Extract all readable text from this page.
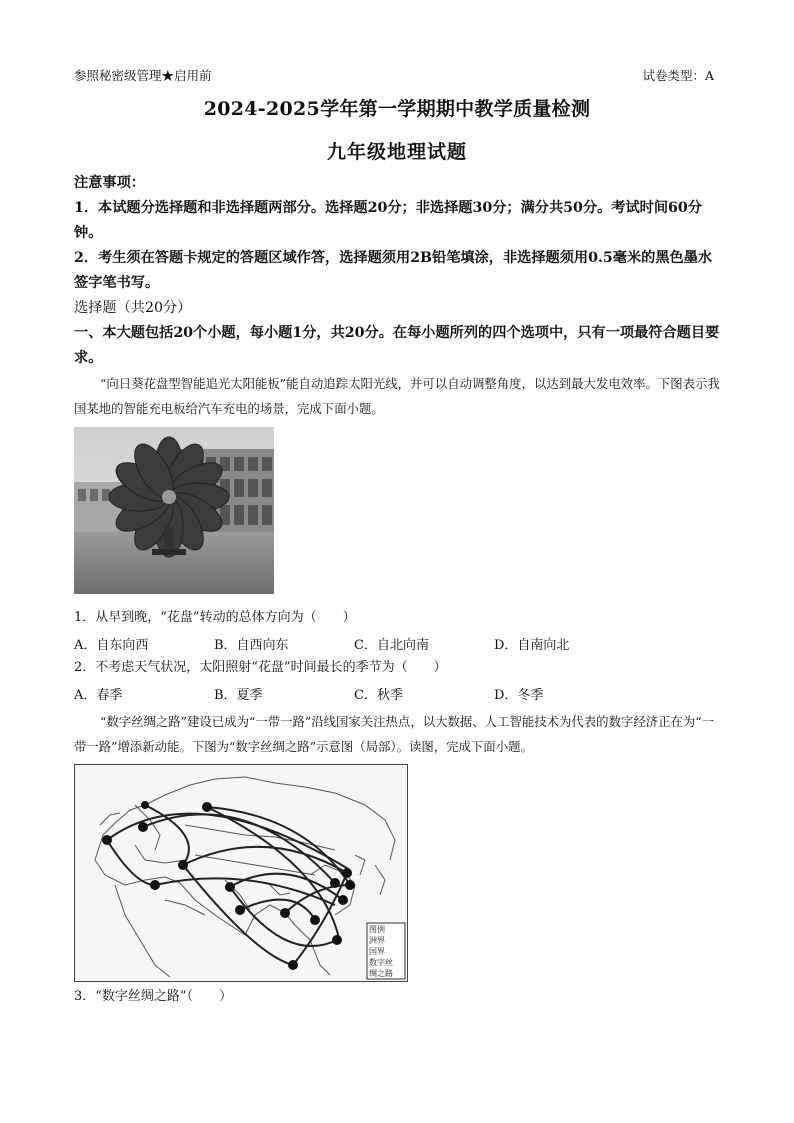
参照秘密级管理★启用前	试卷类型：A
2024-2025学年第一学期期中教学质量检测
九年级地理试题
注意事项：
1．本试题分选择题和非选择题两部分。选择题20分；非选择题30分；满分共50分。考试时间60分钟。
2．考生须在答题卡规定的答题区域作答，选择题须用2B铅笔填涂，非选择题须用0.5毫米的黑色墨水签字笔书写。
选择题（共20分）
一、本大题包括20个小题，每小题1分，共20分。在每小题所列的四个选项中，只有一项最符合题目要求。
“向日葵花盘型智能追光太阳能板”能自动追踪太阳光线，并可以自动调整角度，以达到最大发电效率。下图表示我国某地的智能充电板给汽车充电的场景，完成下面小题。
1．从早到晚，“花盘”转动的总体方向为（　　）
A．自东向西	B．自西向东	C．自北向南	D．自南向北
2．不考虑天气状况，太阳照射“花盘”时间最长的季节为（　　）
A．春季	B．夏季	C．秋季	D．冬季
“数字丝绸之路”建设已成为“一带一路”沿线国家关注热点，以大数据、人工智能技术为代表的数字经济正在为“一带一路”增添新动能。下图为“数字丝绸之路”示意图（局部）。读图，完成下面小题。
图例
洲界
国界
数字丝
绸之路
3．“数字丝绸之路”（　　）
